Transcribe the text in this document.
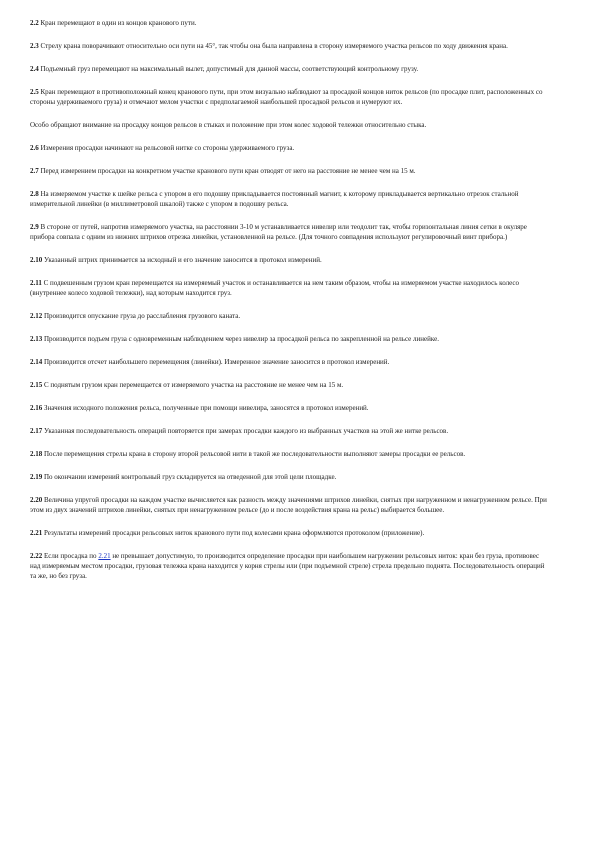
2.2 Кран перемещают в один из концов кранового пути.

2.3 Стрелу крана поворачивают относительно оси пути на 45°, так чтобы она была направлена в сторону измеряемого участка рельсов по ходу движения крана.

2.4 Подъемный груз перемещают на максимальный вылет, допустимый для данной массы, соответствующий контрольному грузу.

2.5 Кран перемещают в противоположный конец кранового пути, при этом визуально наблюдают за просадкой концов ниток рельсов (по просадке плит, расположенных со стороны удерживаемого груза) и отмечают мелом участки с предполагаемой наибольшей просадкой рельсов и нумеруют их.

Особо обращают внимание на просадку концов рельсов в стыках и положение при этом колес ходовой тележки относительно стыка.

2.6 Измерения просадки начинают на рельсовой нитке со стороны удерживаемого груза.

2.7 Перед измерением просадки на конкретном участке кранового пути кран отводят от него на расстояние не менее чем на 15 м.

2.8 На измеряемом участке к шейке рельса с упором в его подошву прикладывается постоянный магнит, к которому прикладывается вертикально отрезок стальной измерительной линейки (в миллиметровой шкалой) также с упором в подошву рельса.

2.9 В стороне от путей, напротив измеряемого участка, на расстоянии 3-10 м устанавливается нивелир или теодолит так, чтобы горизонтальная линия сетки в окуляре прибора совпала с одним из нижних штрихов отрезка линейки, установленной на рельсе. (Для точного совпадения используют регулировочный винт прибора.)

2.10 Указанный штрих принимается за исходный и его значение заносится в протокол измерений.

2.11 С подвешенным грузом кран перемещается на измеряемый участок и останавливается на нем таким образом, чтобы на измеряемом участке находилось колесо (внутреннее колесо ходовой тележки), над которым находится груз.

2.12 Производится опускание груза до расслабления грузового каната.

2.13 Производится подъем груза с одновременным наблюдением через нивелир за просадкой рельса по закрепленной на рельсе линейке.

2.14 Производится отсчет наибольшего перемещения (линейки). Измеренное значение заносится в протокол измерений.

2.15 С поднятым грузом кран перемещается от измеряемого участка на расстояние не менее чем на 15 м.

2.16 Значения исходного положения рельса, полученные при помощи нивелира, заносятся в протокол измерений.

2.17 Указанная последовательность операций повторяется при замерах просадки каждого из выбранных участков на этой же нитке рельсов.

2.18 После перемещения стрелы крана в сторону второй рельсовой нити в такой же последовательности выполняют замеры просадки ее рельсов.

2.19 По окончании измерений контрольный груз складируется на отведенной для этой цели площадке.

2.20 Величина упругой просадки на каждом участке вычисляется как разность между значениями штрихов линейки, снятых при нагруженном и ненагруженном рельсе. При этом из двух значений штрихов линейки, снятых при ненагруженном рельсе (до и после воздействия крана на рельс) выбирается большее.

2.21 Результаты измерений просадки рельсовых ниток кранового пути под колесами крана оформляются протоколом (приложение).

2.22 Если просадка по 2.21 не превышает допустимую, то производится определение просадки при наибольшем нагружении рельсовых ниток: кран без груза, противовес над измеряемым местом просадки, грузовая тележка крана находится у корня стрелы или (при подъемной стреле) стрела предельно поднята. Последовательность операций та же, но без груза.
